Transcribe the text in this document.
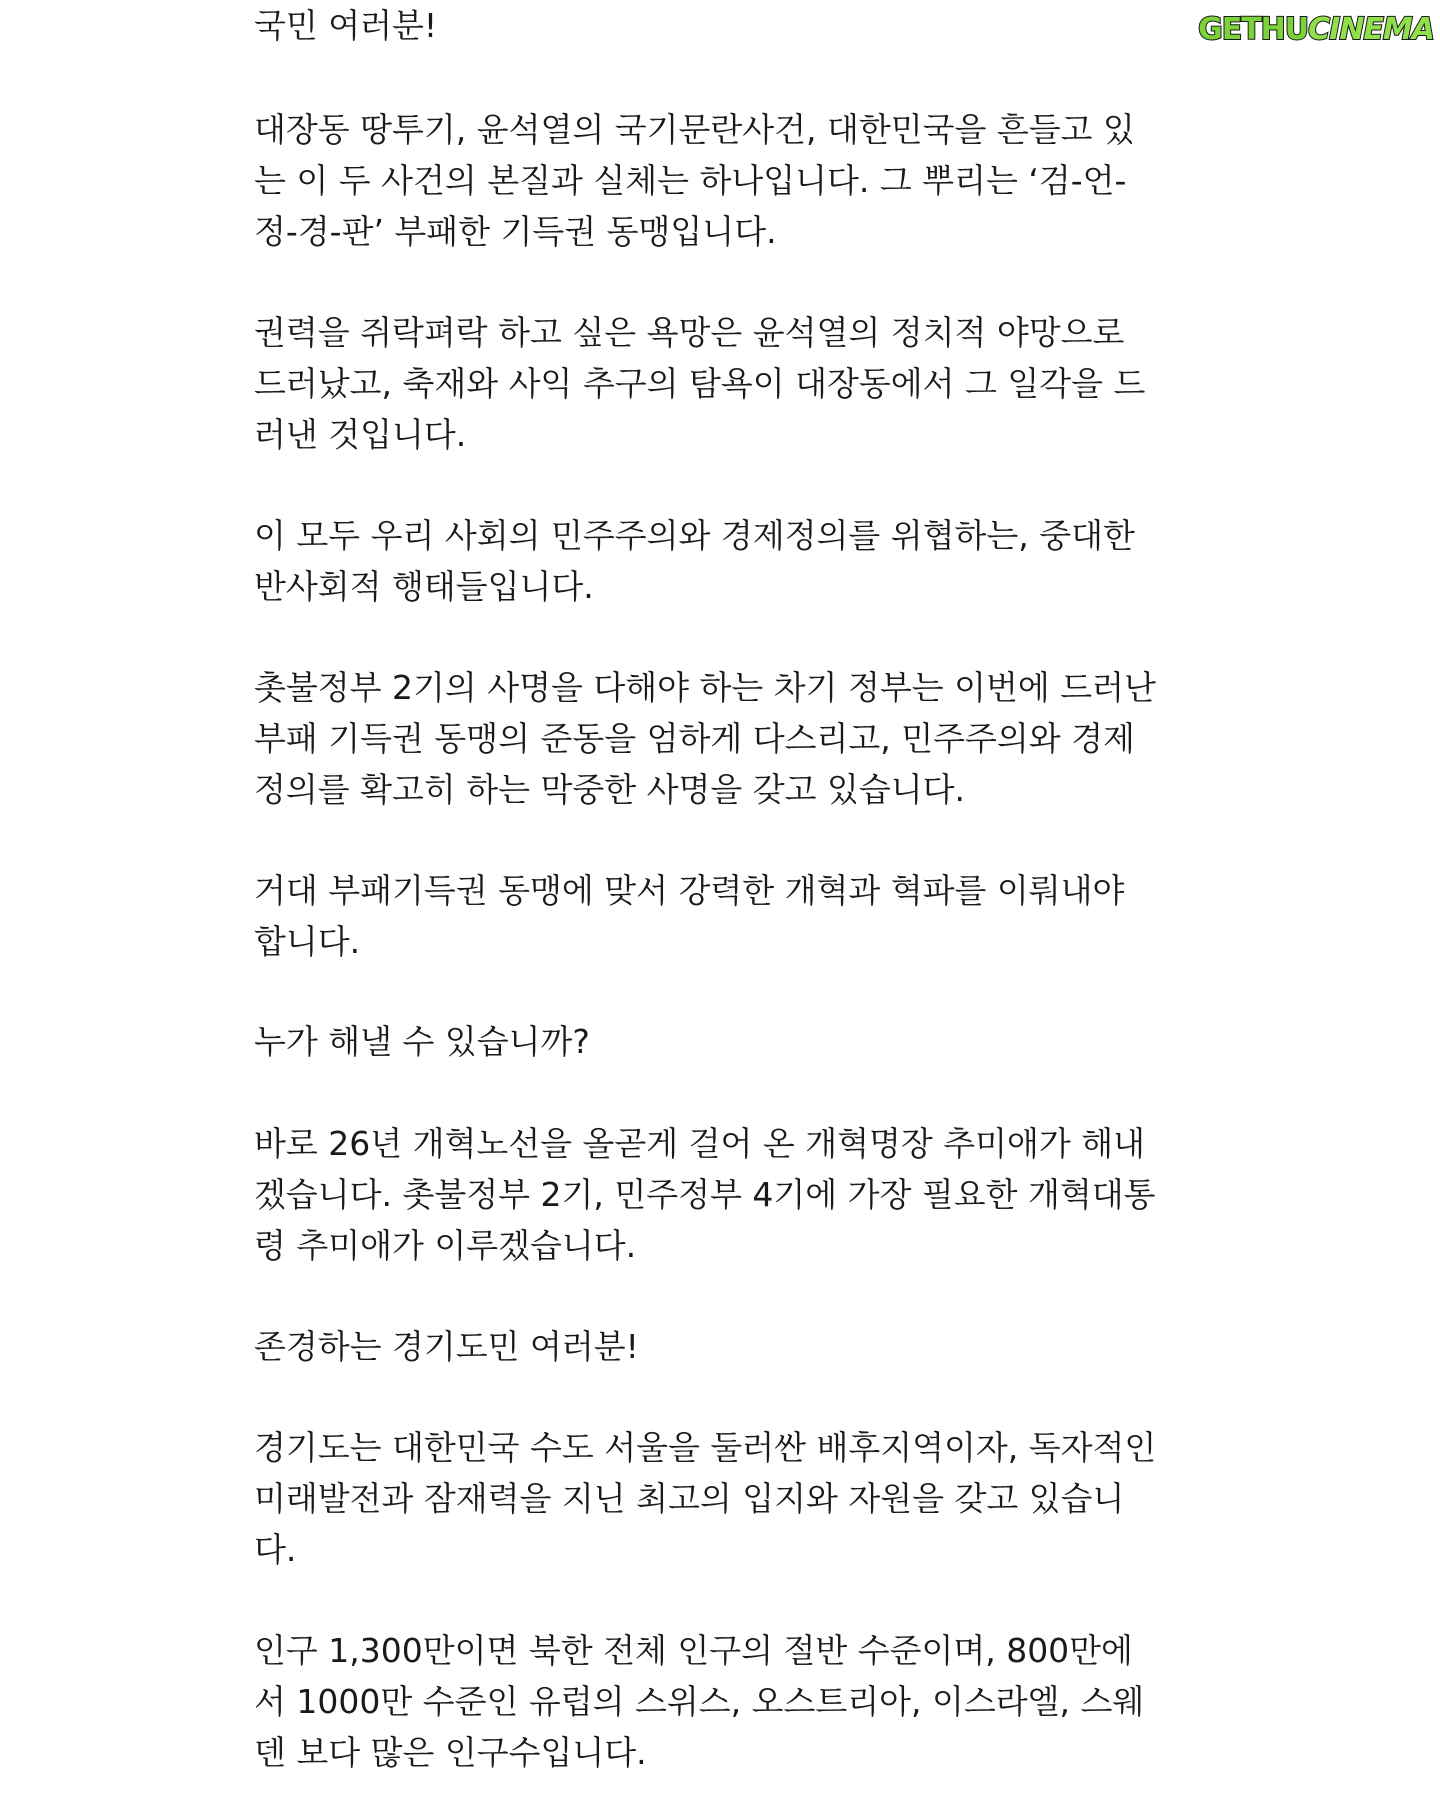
GETHU CINEMA
국민 여러분!
대장동 땅투기, 윤석열의 국기문란사건, 대한민국을 흔들고 있
는 이 두 사건의 본질과 실체는 하나입니다. 그 뿌리는 ‘검-언-
정-경-판’ 부패한 기득권 동맹입니다.
권력을 쥐락펴락 하고 싶은 욕망은 윤석열의 정치적 야망으로
드러났고, 축재와 사익 추구의 탐욕이 대장동에서 그 일각을 드
러낸 것입니다.
이 모두 우리 사회의 민주주의와 경제정의를 위협하는, 중대한
반사회적 행태들입니다.
촛불정부 2기의 사명을 다해야 하는 차기 정부는 이번에 드러난
부패 기득권 동맹의 준동을 엄하게 다스리고, 민주주의와 경제
정의를 확고히 하는 막중한 사명을 갖고 있습니다.
거대 부패기득권 동맹에 맞서 강력한 개혁과 혁파를 이뤄내야
합니다.
누가 해낼 수 있습니까?
바로 26년 개혁노선을 올곧게 걸어 온 개혁명장 추미애가 해내
겠습니다. 촛불정부 2기, 민주정부 4기에 가장 필요한 개혁대통
령 추미애가 이루겠습니다.
존경하는 경기도민 여러분!
경기도는 대한민국 수도 서울을 둘러싼 배후지역이자, 독자적인
미래발전과 잠재력을 지닌 최고의 입지와 자원을 갖고 있습니
다.
인구 1,300만이면 북한 전체 인구의 절반 수준이며, 800만에
서 1000만 수준인 유럽의 스위스, 오스트리아, 이스라엘, 스웨
덴 보다 많은 인구수입니다.
